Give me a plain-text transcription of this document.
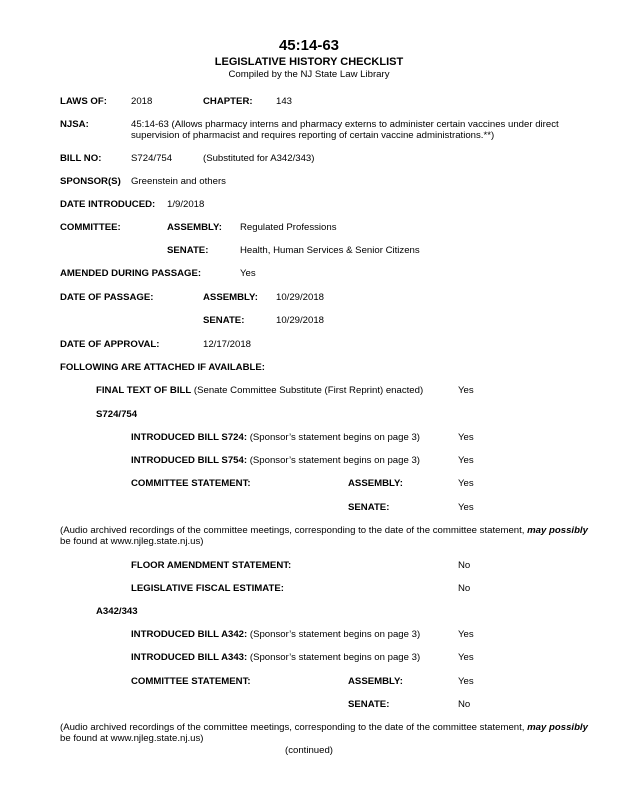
45:14-63
LEGISLATIVE HISTORY CHECKLIST
Compiled by the NJ State Law Library
LAWS OF:	2018	CHAPTER: 143
NJSA:	45:14-63 (Allows pharmacy interns and pharmacy externs to administer certain vaccines under direct
supervision of pharmacist and requires reporting of certain vaccine administrations.**)
BILL NO:	S724/754	(Substituted for A342/343)
SPONSOR(S) Greenstein and others
DATE INTRODUCED: 1/9/2018
COMMITTEE:	ASSEMBLY: Regulated Professions
SENATE:	Health, Human Services & Senior Citizens
AMENDED DURING PASSAGE:	Yes
DATE OF PASSAGE:	ASSEMBLY: 10/29/2018
SENATE:	10/29/2018
DATE OF APPROVAL:	12/17/2018
FOLLOWING ARE ATTACHED IF AVAILABLE:
FINAL TEXT OF BILL (Senate Committee Substitute (First Reprint) enacted)	Yes
S724/754
INTRODUCED BILL S724: (Sponsor’s statement begins on page 3)	Yes
INTRODUCED BILL S754: (Sponsor’s statement begins on page 3)	Yes
COMMITTEE STATEMENT:	ASSEMBLY:	Yes
SENATE:	Yes
(Audio archived recordings of the committee meetings, corresponding to the date of the committee statement, may possibly
be found at www.njleg.state.nj.us)
FLOOR AMENDMENT STATEMENT:	No
LEGISLATIVE FISCAL ESTIMATE:	No
A342/343
INTRODUCED BILL A342: (Sponsor’s statement begins on page 3)	Yes
INTRODUCED BILL A343: (Sponsor’s statement begins on page 3)	Yes
COMMITTEE STATEMENT:	ASSEMBLY:	Yes
SENATE:	No
(Audio archived recordings of the committee meetings, corresponding to the date of the committee statement, may possibly
be found at www.njleg.state.nj.us)
(continued)
